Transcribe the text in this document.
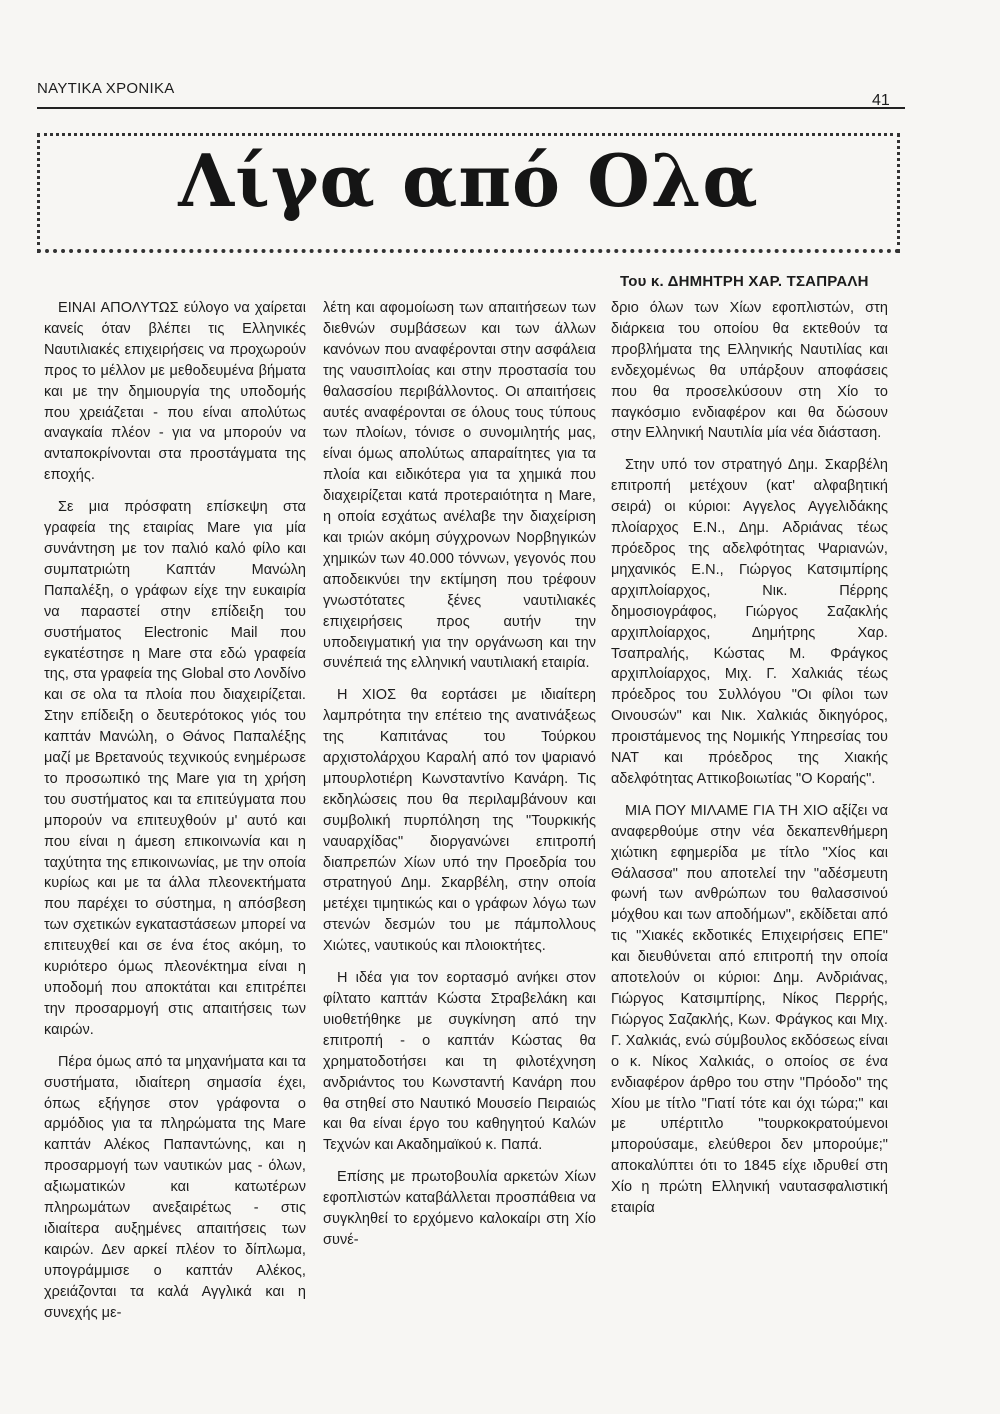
ΝΑΥΤΙΚΑ ΧΡΟΝΙΚΑ
41
Λίγα από Ολα
Του κ. ΔΗΜΗΤΡΗ ΧΑΡ. ΤΣΑΠΡΑΛΗ

ΕΙΝΑΙ ΑΠΟΛΥΤΩΣ εύλογο να χαίρεται κανείς όταν βλέπει τις Ελληνικές Ναυτιλιακές επιχειρήσεις να προχωρούν προς το μέλλον με μεθοδευμένα βήματα και με την δημιουργία της υποδομής που χρειάζεται - που είναι απολύτως αναγκαία πλέον - για να μπορούν να ανταποκρίνονται στα προστάγματα της εποχής.

Σε μια πρόσφατη επίσκεψη στα γραφεία της εταιρίας Mare για μία συνάντηση με τον παλιό καλό φίλο και συμπατριώτη Καπτάν Μανώλη Παπαλέξη, ο γράφων είχε την ευκαιρία να παραστεί στην επίδειξη του συστήματος Electronic Mail που εγκατέστησε η Mare στα εδώ γραφεία της, στα γραφεία της Global στο Λονδίνο και σε ολα τα πλοία που διαχειρίζεται. Στην επίδειξη ο δευτερότοκος γιός του καπτάν Μανώλη, ο Θάνος Παπαλέξης μαζί με Βρετανούς τεχνικούς ενημέρωσε το προσωπικό της Mare για τη χρήση του συστήματος και τα επιτεύγματα που μπορούν να επιτευχθούν μ' αυτό και που είναι η άμεση επικοινωνία και η ταχύτητα της επικοινωνίας, με την οποία κυρίως και με τα άλλα πλεονεκτήματα που παρέχει το σύστημα, η απόσβεση των σχετικών εγκαταστάσεων μπορεί να επιτευχθεί και σε ένα έτος ακόμη, το κυριότερο όμως πλεονέκτημα είναι η υποδομή που αποκτάται και επιτρέπει την προσαρμογή στις απαιτήσεις των καιρών.

Πέρα όμως από τα μηχανήματα και τα συστήματα, ιδιαίτερη σημασία έχει, όπως εξήγησε στον γράφοντα ο αρμόδιος για τα πληρώματα της Mare καπτάν Αλέκος Παπαντώνης, και η προσαρμογή των ναυτικών μας - όλων, αξιωματικών και κατωτέρων πληρωμάτων ανεξαιρέτως - στις ιδιαίτερα αυξημένες απαιτήσεις των καιρών. Δεν αρκεί πλέον το δίπλωμα, υπογράμμισε ο καπτάν Αλέκος, χρειάζονται τα καλά Αγγλικά και η συνεχής με-

λέτη και αφομοίωση των απαιτήσεων των διεθνών συμβάσεων και των άλλων κανόνων που αναφέρονται στην ασφάλεια της ναυσιπλοίας και στην προστασία του θαλασσίου περιβάλλοντος. Οι απαιτήσεις αυτές αναφέρονται σε όλους τους τύπους των πλοίων, τόνισε ο συνομιλητής μας, είναι όμως απολύτως απαραίτητες για τα πλοία και ειδικότερα για τα χημικά που διαχειρίζεται κατά προτεραιότητα η Mare, η οποία εσχάτως ανέλαβε την διαχείριση και τριών ακόμη σύγχρονων Νορβηγικών χημικών των 40.000 τόννων, γεγονός που αποδεικνύει την εκτίμηση που τρέφουν γνωστότατες ξένες ναυτιλιακές επιχειρήσεις προς αυτήν την υποδειγματική για την οργάνωση και την συνέπειά της ελληνική ναυτιλιακή εταιρία.

Η ΧΙΟΣ θα εορτάσει με ιδιαίτερη λαμπρότητα την επέτειο της ανατινάξεως της Καπιτάνας του Τούρκου αρχιστολάρχου Καραλή από τον ψαριανό μπουρλοτιέρη Κωνσταντίνο Κανάρη. Τις εκδηλώσεις που θα περιλαμβάνουν και συμβολική πυρπόληση της "Τουρκικής ναυαρχίδας" διοργανώνει επιτροπή διαπρεπών Χίων υπό την Προεδρία του στρατηγού Δημ. Σκαρβέλη, στην οποία μετέχει τιμητικώς και ο γράφων λόγω των στενών δεσμών του με πάμπολλους Χιώτες, ναυτικούς και πλοιοκτήτες.

Η ιδέα για τον εορτασμό ανήκει στον φίλτατο καπτάν Κώστα Στραβελάκη και υιοθετήθηκε με συγκίνηση από την επιτροπή - ο καπτάν Κώστας θα χρηματοδοτήσει και τη φιλοτέχνηση ανδριάντος του Κωνσταντή Κανάρη που θα στηθεί στο Ναυτικό Μουσείο Πειραιώς και θα είναι έργο του καθηγητού Καλών Τεχνών και Ακαδημαϊκού κ. Παπά.

Επίσης με πρωτοβουλία αρκετών Χίων εφοπλιστών καταβάλλεται προσπάθεια να συγκληθεί το ερχόμενο καλοκαίρι στη Χίο συνέ-

δριο όλων των Χίων εφοπλιστών, στη διάρκεια του οποίου θα εκτεθούν τα προβλήματα της Ελληνικής Ναυτιλίας και ενδεχομένως θα υπάρξουν αποφάσεις που θα προσελκύσουν στη Χίο το παγκόσμιο ενδιαφέρον και θα δώσουν στην Ελληνική Ναυτιλία μία νέα διάσταση.

Στην υπό τον στρατηγό Δημ. Σκαρβέλη επιτροπή μετέχουν (κατ' αλφαβητική σειρά) οι κύριοι: Αγγελος Αγγελιδάκης πλοίαρχος Ε.Ν., Δημ. Αδριάνας τέως πρόεδρος της αδελφότητας Ψαριανών, μηχανικός Ε.Ν., Γιώργος Κατσιμπίρης αρχιπλοίαρχος, Νικ. Πέρρης δημοσιογράφος, Γιώργος Σαζακλής αρχιπλοίαρχος, Δημήτρης Χαρ. Τσαπραλής, Κώστας Μ. Φράγκος αρχιπλοίαρχος, Μιχ. Γ. Χαλκιάς τέως πρόεδρος του Συλλόγου "Οι φίλοι των Οινουσών" και Νικ. Χαλκιάς δικηγόρος, προιστάμενος της Νομικής Υπηρεσίας του ΝΑΤ και πρόεδρος της Χιακής αδελφότητας Αττικοβοιωτίας "Ο Κοραής".

ΜΙΑ ΠΟΥ ΜΙΛΑΜΕ ΓΙΑ ΤΗ ΧΙΟ αξίζει να αναφερθούμε στην νέα δεκαπενθήμερη χιώτικη εφημερίδα με τίτλο "Χίος και Θάλασσα" που αποτελεί την "αδέσμευτη φωνή των ανθρώπων του θαλασσινού μόχθου και των αποδήμων", εκδίδεται από τις "Χιακές εκδοτικές Επιχειρήσεις ΕΠΕ" και διευθύνεται από επιτροπή την οποία αποτελούν οι κύριοι: Δημ. Ανδριάνας, Γιώργος Κατσιμπίρης, Νίκος Περρής, Γιώργος Σαζακλής, Κων. Φράγκος και Μιχ. Γ. Χαλκιάς, ενώ σύμβουλος εκδόσεως είναι ο κ. Νίκος Χαλκιάς, ο οποίος σε ένα ενδιαφέρον άρθρο του στην "Πρόοδο" της Χίου με τίτλο "Γιατί τότε και όχι τώρα;" και με υπέρτιτλο "τουρκοκρατούμενοι μπορούσαμε, ελεύθεροι δεν μπορούμε;" αποκαλύπτει ότι το 1845 είχε ιδρυθεί στη Χίο η πρώτη Ελληνική ναυτασφαλιστική εταιρία
